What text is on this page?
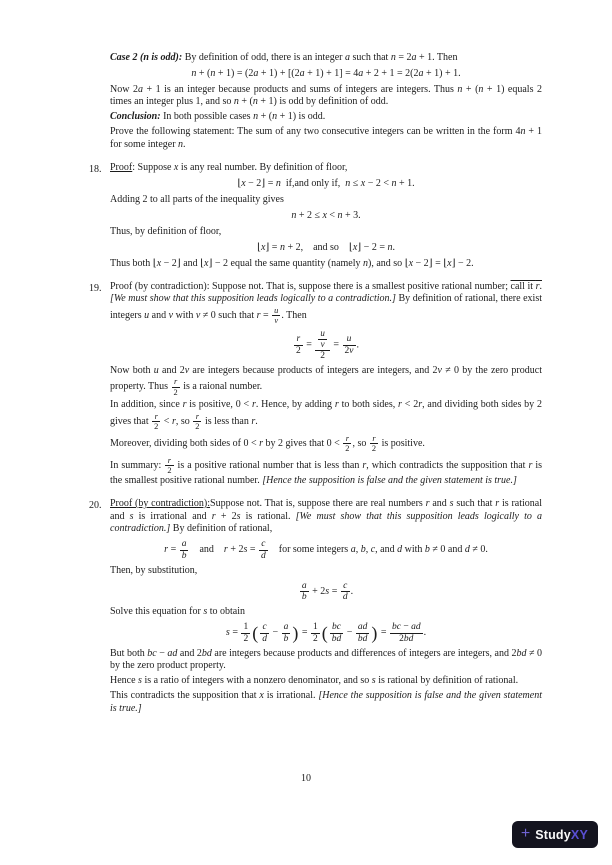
Case 2 (n is odd): By definition of odd, there is an integer a such that n = 2a + 1. Then

n + (n + 1) = (2a + 1) + [(2a + 1) + 1] = 4a + 2 + 1 = 2(2a + 1) + 1.

Now 2a + 1 is an integer because products and sums of integers are integers. Thus n + (n + 1) equals 2 times an integer plus 1, and so n + (n + 1) is odd by definition of odd.

Conclusion: In both possible cases n + (n + 1) is odd.

Prove the following statement: The sum of any two consecutive integers can be written in the form 4n + 1 for some integer n.

18. Proof: Suppose x is any real number. By definition of floor,

⌊x − 2⌋ = n if,and only if, n ≤ x − 2 < n + 1.

Adding 2 to all parts of the inequality gives

n + 2 ≤ x < n + 3.

Thus, by definition of floor,

⌊x⌋ = n + 2, and so ⌊x⌋ − 2 = n.

Thus both ⌊x − 2⌋ and ⌊x⌋ − 2 equal the same quantity (namely n), and so ⌊x − 2⌋ = ⌊x⌋ − 2.

19. Proof (by contradiction): Suppose not. That is, suppose there is a smallest positive rational number; call it r. [We must show that this supposition leads logically to a contradiction.] By definition of rational, there exist integers u and v with v ≠ 0 such that $r = \frac{u}{v}$ . Then

$\frac{r}{2} = \frac{\frac{u}{v}}{2} = \frac{u}{2v}$ .

Now both u and 2v are integers because products of integers are integers, and 2v ≠ 0 by the zero product property. Thus $\frac{r}{2}$ is a raional number.

In addition, since r is positive, 0 < r. Hence, by adding r to both sides, r < 2r, and dividing both sides by 2 gives that $\frac{r}{2} < r$, so $\frac{r}{2}$ is less than r.

Moreover, dividing both sides of 0 < r by 2 gives that $0 < \frac{r}{2}$ , so $\frac{r}{2}$ is positive.

In summary: $\frac{r}{2}$ is a positive rational number that is less than r, which contradicts the supposition that r is the smallest positive rational number. [Hence the supposition is false and the given statement is true.]

20. Proof (by contradiction):Suppose not. That is, suppose there are real numbers r and s such that r is rational and s is irrational and r + 2s is rational. [We must show that this supposition leads logically to a contradiction.] By definition of rational,

$r = \frac{a}{b}$  and $r + 2s = \frac{c}{d}$  for some integers a, b, c, and d with b ≠ 0 and d ≠ 0.

Then, by substitution,

$\frac{a}{b} + 2s = \frac{c}{d}$ .

Solve this equation for s to obtain

$s = \frac{1}{2}$ ( $\frac{c}{d} - \frac{a}{b}$ ) = $\frac{1}{2}$ ( $\frac{bc}{bd} - \frac{ad}{bd}$ ) = $\frac{bc - ad}{2bd}$ .

But both bc − ad and 2bd are integers because products and differences of integers are integers, and 2bd ≠ 0 by the zero product property.

Hence s is a ratio of integers with a nonzero denominator, and so s is rational by definition of rational.

This contradicts the supposition that x is irrational. [Hence the supposition is false and the given statement is true.]

10
+ StudyXY
